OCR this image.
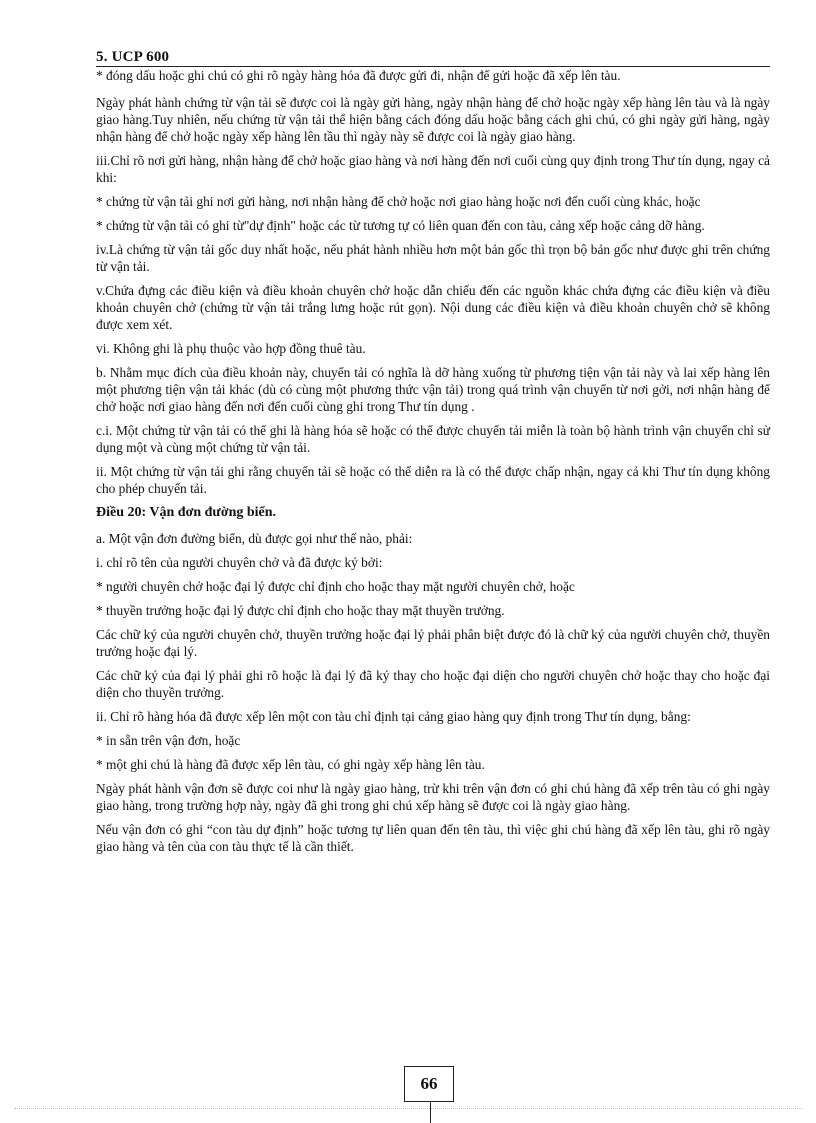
5. UCP 600

* đóng dấu hoặc ghi chú có ghi rõ ngày hàng hóa đã được gửi đi, nhận để gửi hoặc đã xếp lên tàu.

Ngày phát hành chứng từ vận tải sẽ được coi là ngày gửi hàng, ngày nhận hàng để chở hoặc ngày xếp hàng lên tàu và là ngày giao hàng.Tuy nhiên, nếu chứng từ vận tải thể hiện bằng cách đóng dấu hoặc bằng cách ghi chú, có ghi ngày gửi hàng, ngày nhận hàng để chở hoặc ngày xếp hàng lên tầu thì ngày này sẽ được coi là ngày giao hàng.

iii.Chỉ rõ nơi gửi hàng, nhận hàng để chở hoặc giao hàng và nơi hàng đến nơi cuối cùng quy định trong Thư tín dụng, ngay cả khi:

* chứng từ vận tải ghi nơi gửi hàng, nơi nhận hàng để chở hoặc nơi giao hàng hoặc nơi đến cuối cùng khác, hoặc

* chứng từ vận tải có ghi từ"dự định" hoặc các từ tương tự có liên quan đến con tàu, cảng xếp hoặc cảng dỡ hàng.

iv.Là chứng từ vận tải gốc duy nhất hoặc, nếu phát hành nhiều hơn một bản gốc thì trọn bộ bản gốc như được ghi trên chứng từ vận tải.

v.Chứa đựng các điều kiện và điều khoản chuyên chở hoặc dẫn chiếu đến các nguồn khác chứa đựng các điều kiện và điều khoản chuyên chở (chứng từ vận tải trắng lưng hoặc rút gọn). Nội dung các điều kiện và điều khoản chuyên chở sẽ không được xem xét.

vi. Không ghi là phụ thuộc vào hợp đồng thuê tàu.

b. Nhằm mục đích của điều khoản này, chuyển tải có nghĩa là dỡ hàng xuống từ phương tiện vận tải này và lai xếp hàng lên một phương tiện vận tải khác (dù có cùng một phương thức vận tải) trong quá trình vận chuyển từ nơi gởi, nơi nhận hàng để chở hoặc nơi giao hàng đến nơi đến cuối cùng ghi trong Thư tín dụng .

c.i. Một chứng từ vận tải có thể ghi là hàng hóa sẽ hoặc có thể được chuyển tải miễn là toàn bộ hành trình vận chuyển chỉ sử dụng một và cùng một chứng từ vận tải.

ii. Một chứng từ vận tải ghi rằng chuyển tải sẽ hoặc có thể diễn ra là có thể được chấp nhận, ngay cả khi Thư tín dụng không cho phép chuyển tải.

Điều 20: Vận đơn đường biển.

a. Một vận đơn đường biển, dù được gọi như thế nào, phải:

i. chỉ rõ tên của người chuyên chở và đã được ký bởi:

* người chuyên chở hoặc đại lý được chỉ định cho hoặc thay mặt người chuyên chở, hoặc

* thuyền trưởng hoặc đại lý được chỉ định cho hoặc thay mặt thuyền trưởng.

Các chữ ký của người chuyên chở, thuyền trưởng hoặc đại lý phải phân biệt được đó là chữ ký của người chuyên chở, thuyền trưởng hoặc đại lý.

Các chữ ký của đại lý phải ghi rõ hoặc là đại lý đã ký thay cho hoặc đại diện cho người chuyên chở hoặc thay cho hoặc đại diện cho thuyền trưởng.

ii. Chỉ rõ hàng hóa đã được xếp lên một con tàu chỉ định tại cảng giao hàng quy định trong Thư tín dụng, bằng:

* in sẵn trên vận đơn, hoặc

* một ghi chú là hàng đã được xếp lên tàu, có ghi ngày xếp hàng lên tàu.

Ngày phát hành vận đơn sẽ được coi như là ngày giao hàng, trừ khi trên vận đơn có ghi chú hàng đã xếp trên tàu có ghi ngày giao hàng, trong trường hợp này, ngày đã ghi trong ghi chú xếp hàng sẽ được coi là ngày giao hàng.

Nếu vận đơn có ghi “con tàu dự định” hoặc tương tự liên quan đến tên tàu, thì việc ghi chú hàng đã xếp lên tàu, ghi rõ ngày giao hàng và tên của con tàu thực tế là cần thiết.

66
